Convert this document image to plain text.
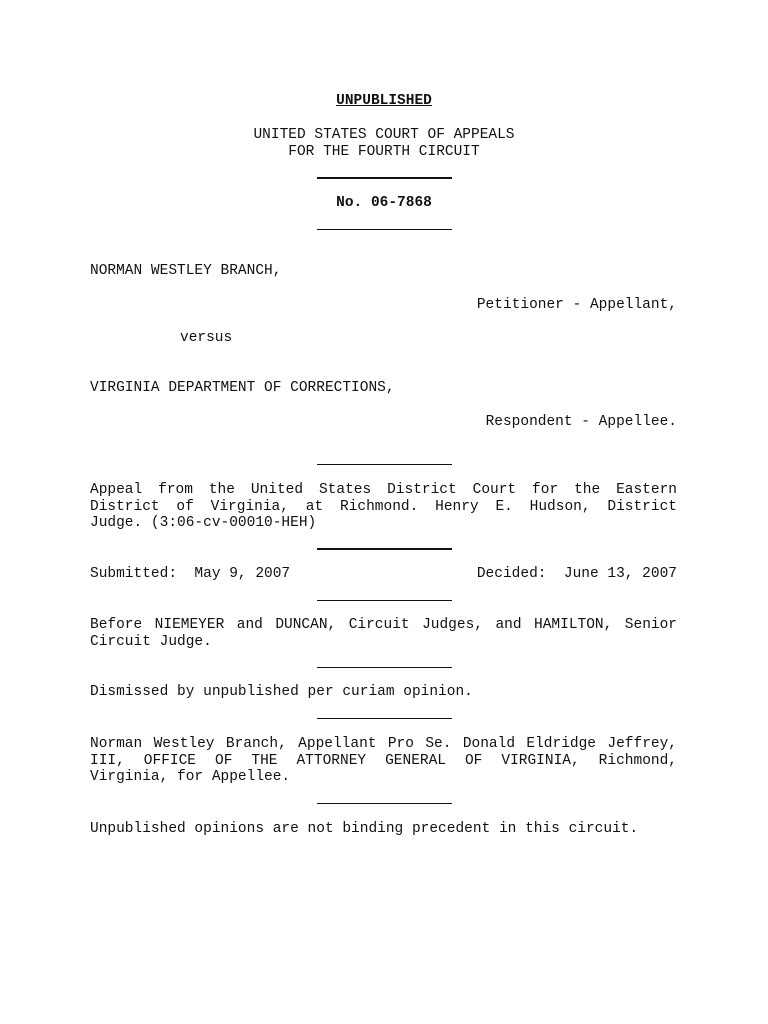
UNPUBLISHED
UNITED STATES COURT OF APPEALS
FOR THE FOURTH CIRCUIT
No. 06-7868
NORMAN WESTLEY BRANCH,
Petitioner - Appellant,
versus
VIRGINIA DEPARTMENT OF CORRECTIONS,
Respondent - Appellee.
Appeal from the United States District Court for the Eastern
District of Virginia, at Richmond. Henry E. Hudson, District
Judge. (3:06-cv-00010-HEH)
Submitted:  May 9, 2007	Decided:  June 13, 2007
Before NIEMEYER and DUNCAN, Circuit Judges, and HAMILTON, Senior
Circuit Judge.
Dismissed by unpublished per curiam opinion.
Norman Westley Branch, Appellant Pro Se. Donald Eldridge Jeffrey,
III, OFFICE OF THE ATTORNEY GENERAL OF VIRGINIA, Richmond,
Virginia, for Appellee.
Unpublished opinions are not binding precedent in this circuit.
